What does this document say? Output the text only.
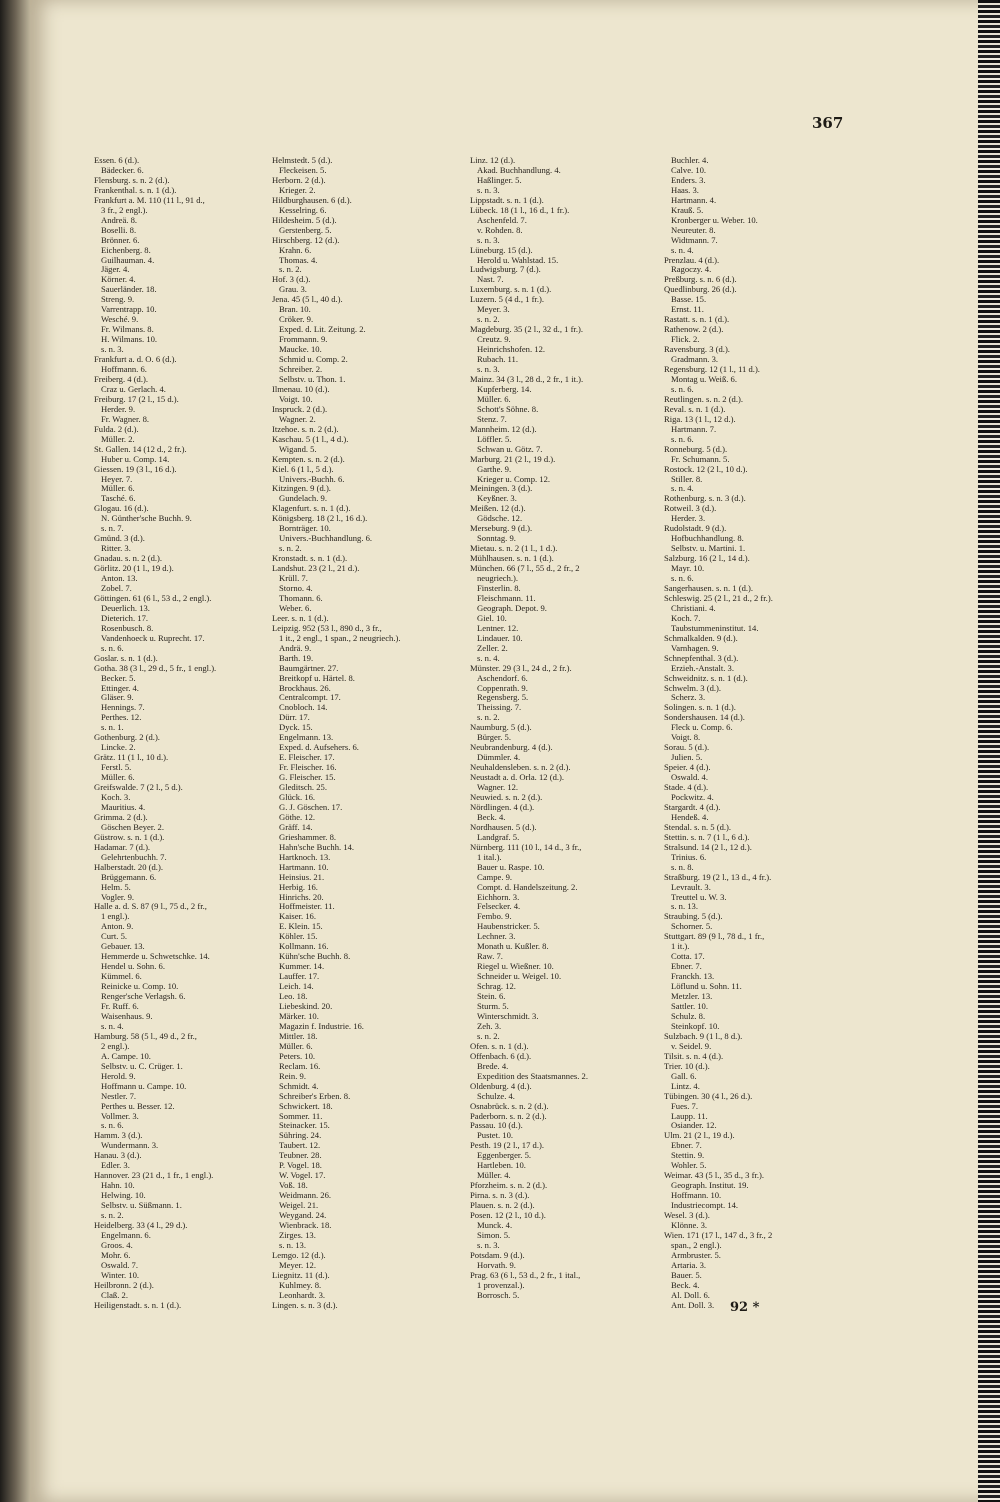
367
Essen. 6 (d.).
Bädecker. 6.
Flensburg. s. n. 2 (d.).
Frankenthal. s. n. 1 (d.).
Frankfurt a. M. 110 (11 l., 91 d.,
3 fr., 2 engl.).
Andreä. 8.
Boselli. 8.
Brönner. 6.
Eichenberg. 8.
Guilhauman. 4.
Jäger. 4.
Körner. 4.
Sauerländer. 18.
Streng. 9.
Varrentrapp. 10.
Wesché. 9.
Fr. Wilmans. 8.
H. Wilmans. 10.
s. n. 3.
Frankfurt a. d. O. 6 (d.).
Hoffmann. 6.
Freiberg. 4 (d.).
Craz u. Gerlach. 4.
Freiburg. 17 (2 l., 15 d.).
Herder. 9.
Fr. Wagner. 8.
Fulda. 2 (d.).
Müller. 2.
St. Gallen. 14 (12 d., 2 fr.).
Huber u. Comp. 14.
Giessen. 19 (3 l., 16 d.).
Heyer. 7.
Müller. 6.
Tasché. 6.
Glogau. 16 (d.).
N. Günther'sche Buchh. 9.
s. n. 7.
Gmünd. 3 (d.).
Ritter. 3.
Gnadau. s. n. 2 (d.).
Görlitz. 20 (1 l., 19 d.).
Anton. 13.
Zobel. 7.
Göttingen. 61 (6 l., 53 d., 2 engl.).
Deuerlich. 13.
Dieterich. 17.
Rosenbusch. 8.
Vandenhoeck u. Ruprecht. 17.
s. n. 6.
Goslar. s. n. 1 (d.).
Gotha. 38 (3 l., 29 d., 5 fr., 1 engl.).
Becker. 5.
Ettinger. 4.
Gläser. 9.
Hennings. 7.
Perthes. 12.
s. n. 1.
Gothenburg. 2 (d.).
Lincke. 2.
Grätz. 11 (1 l., 10 d.).
Ferstl. 5.
Müller. 6.
Greifswalde. 7 (2 l., 5 d.).
Koch. 3.
Mauritius. 4.
Grimma. 2 (d.).
Göschen Beyer. 2.
Güstrow. s. n. 1 (d.).
Hadamar. 7 (d.).
Gelehrtenbuchh. 7.
Halberstadt. 20 (d.).
Brüggemann. 6.
Helm. 5.
Vogler. 9.
Halle a. d. S. 87 (9 l., 75 d., 2 fr.,
1 engl.).
Anton. 9.
Curt. 5.
Gebauer. 13.
Hemmerde u. Schwetschke. 14.
Hendel u. Sohn. 6.
Kümmel. 6.
Reinicke u. Comp. 10.
Renger'sche Verlagsh. 6.
Fr. Ruff. 6.
Waisenhaus. 9.
s. n. 4.
Hamburg. 58 (5 l., 49 d., 2 fr.,
2 engl.).
A. Campe. 10.
Selbstv. u. C. Crüger. 1.
Herold. 9.
Hoffmann u. Campe. 10.
Nestler. 7.
Perthes u. Besser. 12.
Vollmer. 3.
s. n. 6.
Hamm. 3 (d.).
Wundermann. 3.
Hanau. 3 (d.).
Edler. 3.
Hannover. 23 (21 d., 1 fr., 1 engl.).
Hahn. 10.
Helwing. 10.
Selbstv. u. Süßmann. 1.
s. n. 2.
Heidelberg. 33 (4 l., 29 d.).
Engelmann. 6.
Groos. 4.
Mohr. 6.
Oswald. 7.
Winter. 10.
Heilbronn. 2 (d.).
Claß. 2.
Heiligenstadt. s. n. 1 (d.).
Helmstedt. 5 (d.).
Fleckeisen. 5.
Herborn. 2 (d.).
Krieger. 2.
Hildburghausen. 6 (d.).
Kesselring. 6.
Hildesheim. 5 (d.).
Gerstenberg. 5.
Hirschberg. 12 (d.).
Krahn. 6.
Thomas. 4.
s. n. 2.
Hof. 3 (d.).
Grau. 3.
Jena. 45 (5 l., 40 d.).
Bran. 10.
Cröker. 9.
Exped. d. Lit. Zeitung. 2.
Frommann. 9.
Maucke. 10.
Schmid u. Comp. 2.
Schreiber. 2.
Selbstv. u. Thon. 1.
Ilmenau. 10 (d.).
Voigt. 10.
Inspruck. 2 (d.).
Wagner. 2.
Itzehoe. s. n. 2 (d.).
Kaschau. 5 (1 l., 4 d.).
Wigand. 5.
Kempten. s. n. 2 (d.).
Kiel. 6 (1 l., 5 d.).
Univers.-Buchh. 6.
Kitzingen. 9 (d.).
Gundelach. 9.
Klagenfurt. s. n. 1 (d.).
Königsberg. 18 (2 l., 16 d.).
Bornträger. 10.
Univers.-Buchhandlung. 6.
s. n. 2.
Kronstadt. s. n. 1 (d.).
Landshut. 23 (2 l., 21 d.).
Krüll. 7.
Storno. 4.
Thomann. 6.
Weber. 6.
Leer. s. n. 1 (d.).
Leipzig. 952 (53 l., 890 d., 3 fr.,
1 it., 2 engl., 1 span., 2 neugriech.).
Andrä. 9.
Barth. 19.
Baumgärtner. 27.
Breitkopf u. Härtel. 8.
Brockhaus. 26.
Centralcompt. 17.
Cnobloch. 14.
Dürr. 17.
Dyck. 15.
Engelmann. 13.
Exped. d. Aufsehers. 6.
E. Fleischer. 17.
Fr. Fleischer. 16.
G. Fleischer. 15.
Gleditsch. 25.
Glück. 16.
G. J. Göschen. 17.
Göthe. 12.
Gräff. 14.
Grieshammer. 8.
Hahn'sche Buchh. 14.
Hartknoch. 13.
Hartmann. 10.
Heinsius. 21.
Herbig. 16.
Hinrichs. 20.
Hoffmeister. 11.
Kaiser. 16.
E. Klein. 15.
Köhler. 15.
Kollmann. 16.
Kühn'sche Buchh. 8.
Kummer. 14.
Lauffer. 17.
Leich. 14.
Leo. 18.
Liebeskind. 20.
Märker. 10.
Magazin f. Industrie. 16.
Mittler. 18.
Müller. 6.
Peters. 10.
Reclam. 16.
Rein. 9.
Schmidt. 4.
Schreiber's Erben. 8.
Schwickert. 18.
Sommer. 11.
Steinacker. 15.
Sühring. 24.
Taubert. 12.
Teubner. 28.
P. Vogel. 18.
W. Vogel. 17.
Voß. 18.
Weidmann. 26.
Weigel. 21.
Weygand. 24.
Wienbrack. 18.
Zirges. 13.
s. n. 13.
Lemgo. 12 (d.).
Meyer. 12.
Liegnitz. 11 (d.).
Kuhlmey. 8.
Leonhardt. 3.
Lingen. s. n. 3 (d.).
Linz. 12 (d.).
Akad. Buchhandlung. 4.
Haßlinger. 5.
s. n. 3.
Lippstadt. s. n. 1 (d.).
Lübeck. 18 (1 l., 16 d., 1 fr.).
Aschenfeld. 7.
v. Rohden. 8.
s. n. 3.
Lüneburg. 15 (d.).
Herold u. Wahlstad. 15.
Ludwigsburg. 7 (d.).
Nast. 7.
Luxemburg. s. n. 1 (d.).
Luzern. 5 (4 d., 1 fr.).
Meyer. 3.
s. n. 2.
Magdeburg. 35 (2 l., 32 d., 1 fr.).
Creutz. 9.
Heinrichshofen. 12.
Rubach. 11.
s. n. 3.
Mainz. 34 (3 l., 28 d., 2 fr., 1 it.).
Kupferberg. 14.
Müller. 6.
Schott's Söhne. 8.
Stenz. 7.
Mannheim. 12 (d.).
Löffler. 5.
Schwan u. Götz. 7.
Marburg. 21 (2 l., 19 d.).
Garthe. 9.
Krieger u. Comp. 12.
Meiningen. 3 (d.).
Keyßner. 3.
Meißen. 12 (d.).
Gödsche. 12.
Merseburg. 9 (d.).
Sonntag. 9.
Mietau. s. n. 2 (1 l., 1 d.).
Mühlhausen. s. n. 1 (d.).
München. 66 (7 l., 55 d., 2 fr., 2
neugriech.).
Finsterlin. 8.
Fleischmann. 11.
Geograph. Depot. 9.
Giel. 10.
Lentner. 12.
Lindauer. 10.
Zeller. 2.
s. n. 4.
Münster. 29 (3 l., 24 d., 2 fr.).
Aschendorf. 6.
Coppenrath. 9.
Regensberg. 5.
Theissing. 7.
s. n. 2.
Naumburg. 5 (d.).
Bürger. 5.
Neubrandenburg. 4 (d.).
Dümmler. 4.
Neuhaldensleben. s. n. 2 (d.).
Neustadt a. d. Orla. 12 (d.).
Wagner. 12.
Neuwied. s. n. 2 (d.).
Nördlingen. 4 (d.).
Beck. 4.
Nordhausen. 5 (d.).
Landgraf. 5.
Nürnberg. 111 (10 l., 14 d., 3 fr.,
1 ital.).
Bauer u. Raspe. 10.
Campe. 9.
Compt. d. Handelszeitung. 2.
Eichhorn. 3.
Felsecker. 4.
Fembo. 9.
Haubenstricker. 5.
Lechner. 3.
Monath u. Kußler. 8.
Raw. 7.
Riegel u. Wießner. 10.
Schneider u. Weigel. 10.
Schrag. 12.
Stein. 6.
Sturm. 5.
Winterschmidt. 3.
Zeh. 3.
s. n. 2.
Ofen. s. n. 1 (d.).
Offenbach. 6 (d.).
Brede. 4.
Expedition des Staatsmannes. 2.
Oldenburg. 4 (d.).
Schulze. 4.
Osnabrück. s. n. 2 (d.).
Paderborn. s. n. 2 (d.).
Passau. 10 (d.).
Pustet. 10.
Pesth. 19 (2 l., 17 d.).
Eggenberger. 5.
Hartleben. 10.
Müller. 4.
Pforzheim. s. n. 2 (d.).
Pirna. s. n. 3 (d.).
Plauen. s. n. 2 (d.).
Posen. 12 (2 l., 10 d.).
Munck. 4.
Simon. 5.
s. n. 3.
Potsdam. 9 (d.).
Horvath. 9.
Prag. 63 (6 l., 53 d., 2 fr., 1 ital.,
1 provenzal.).
Borrosch. 5.
Buchler. 4.
Calve. 10.
Enders. 3.
Haas. 3.
Hartmann. 4.
Krauß. 5.
Kronberger u. Weber. 10.
Neureuter. 8.
Widtmann. 7.
s. n. 4.
Prenzlau. 4 (d.).
Ragoczy. 4.
Preßburg. s. n. 6 (d.).
Quedlinburg. 26 (d.).
Basse. 15.
Ernst. 11.
Rastatt. s. n. 1 (d.).
Rathenow. 2 (d.).
Flick. 2.
Ravensburg. 3 (d.).
Gradmann. 3.
Regensburg. 12 (1 l., 11 d.).
Montag u. Weiß. 6.
s. n. 6.
Reutlingen. s. n. 2 (d.).
Reval. s. n. 1 (d.).
Riga. 13 (1 l., 12 d.).
Hartmann. 7.
s. n. 6.
Ronneburg. 5 (d.).
Fr. Schumann. 5.
Rostock. 12 (2 l., 10 d.).
Stiller. 8.
s. n. 4.
Rothenburg. s. n. 3 (d.).
Rotweil. 3 (d.).
Herder. 3.
Rudolstadt. 9 (d.).
Hofbuchhandlung. 8.
Selbstv. u. Martini. 1.
Salzburg. 16 (2 l., 14 d.).
Mayr. 10.
s. n. 6.
Sangerhausen. s. n. 1 (d.).
Schleswig. 25 (2 l., 21 d., 2 fr.).
Christiani. 4.
Koch. 7.
Taubstummeninstitut. 14.
Schmalkalden. 9 (d.).
Varnhagen. 9.
Schnepfenthal. 3 (d.).
Erzieh.-Anstalt. 3.
Schweidnitz. s. n. 1 (d.).
Schwelm. 3 (d.).
Scherz. 3.
Solingen. s. n. 1 (d.).
Sondershausen. 14 (d.).
Fleck u. Comp. 6.
Voigt. 8.
Sorau. 5 (d.).
Julien. 5.
Speier. 4 (d.).
Oswald. 4.
Stade. 4 (d.).
Pockwitz. 4.
Stargardt. 4 (d.).
Hendeß. 4.
Stendal. s. n. 5 (d.).
Stettin. s. n. 7 (1 l., 6 d.).
Stralsund. 14 (2 l., 12 d.).
Trinius. 6.
s. n. 8.
Straßburg. 19 (2 l., 13 d., 4 fr.).
Levrault. 3.
Treuttel u. W. 3.
s. n. 13.
Straubing. 5 (d.).
Schorner. 5.
Stuttgart. 89 (9 l., 78 d., 1 fr.,
1 it.).
Cotta. 17.
Ebner. 7.
Franckh. 13.
Löflund u. Sohn. 11.
Metzler. 13.
Sattler. 10.
Schulz. 8.
Steinkopf. 10.
Sulzbach. 9 (1 l., 8 d.).
v. Seidel. 9.
Tilsit. s. n. 4 (d.).
Trier. 10 (d.).
Gall. 6.
Lintz. 4.
Tübingen. 30 (4 l., 26 d.).
Fues. 7.
Laupp. 11.
Osiander. 12.
Ulm. 21 (2 l., 19 d.).
Ebner. 7.
Stettin. 9.
Wohler. 5.
Weimar. 43 (5 l., 35 d., 3 fr.).
Geograph. Institut. 19.
Hoffmann. 10.
Industriecompt. 14.
Wesel. 3 (d.).
Klönne. 3.
Wien. 171 (17 l., 147 d., 3 fr., 2
span., 2 engl.).
Armbruster. 5.
Artaria. 3.
Bauer. 5.
Beck. 4.
Al. Doll. 6.
Ant. Doll. 3.	92 *
